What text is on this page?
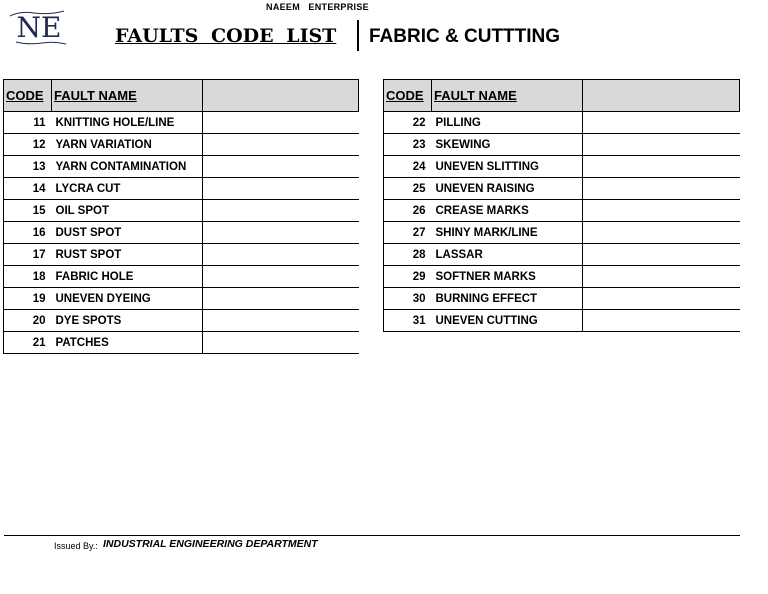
NAEEM   ENTERPRISE
NE	FAULTS CODE LIST FABRIC & CUTTTING
CODE	FAULT NAME	
11	KNITTING HOLE/LINE	
12	YARN VARIATION	
13	YARN CONTAMINATION	
14	LYCRA CUT	
15	OIL SPOT	
16	DUST SPOT	
17	RUST SPOT	
18	FABRIC HOLE	
19	UNEVEN DYEING	
20	DYE SPOTS	
21	PATCHES	
CODE	FAULT NAME	
22	PILLING	
23	SKEWING	
24	UNEVEN SLITTING	
25	UNEVEN RAISING	
26	CREASE MARKS	
27	SHINY MARK/LINE	
28	LASSAR	
29	SOFTNER MARKS	
30	BURNING EFFECT	
31	UNEVEN CUTTING	
Issued By.: INDUSTRIAL ENGINEERING DEPARTMENT
